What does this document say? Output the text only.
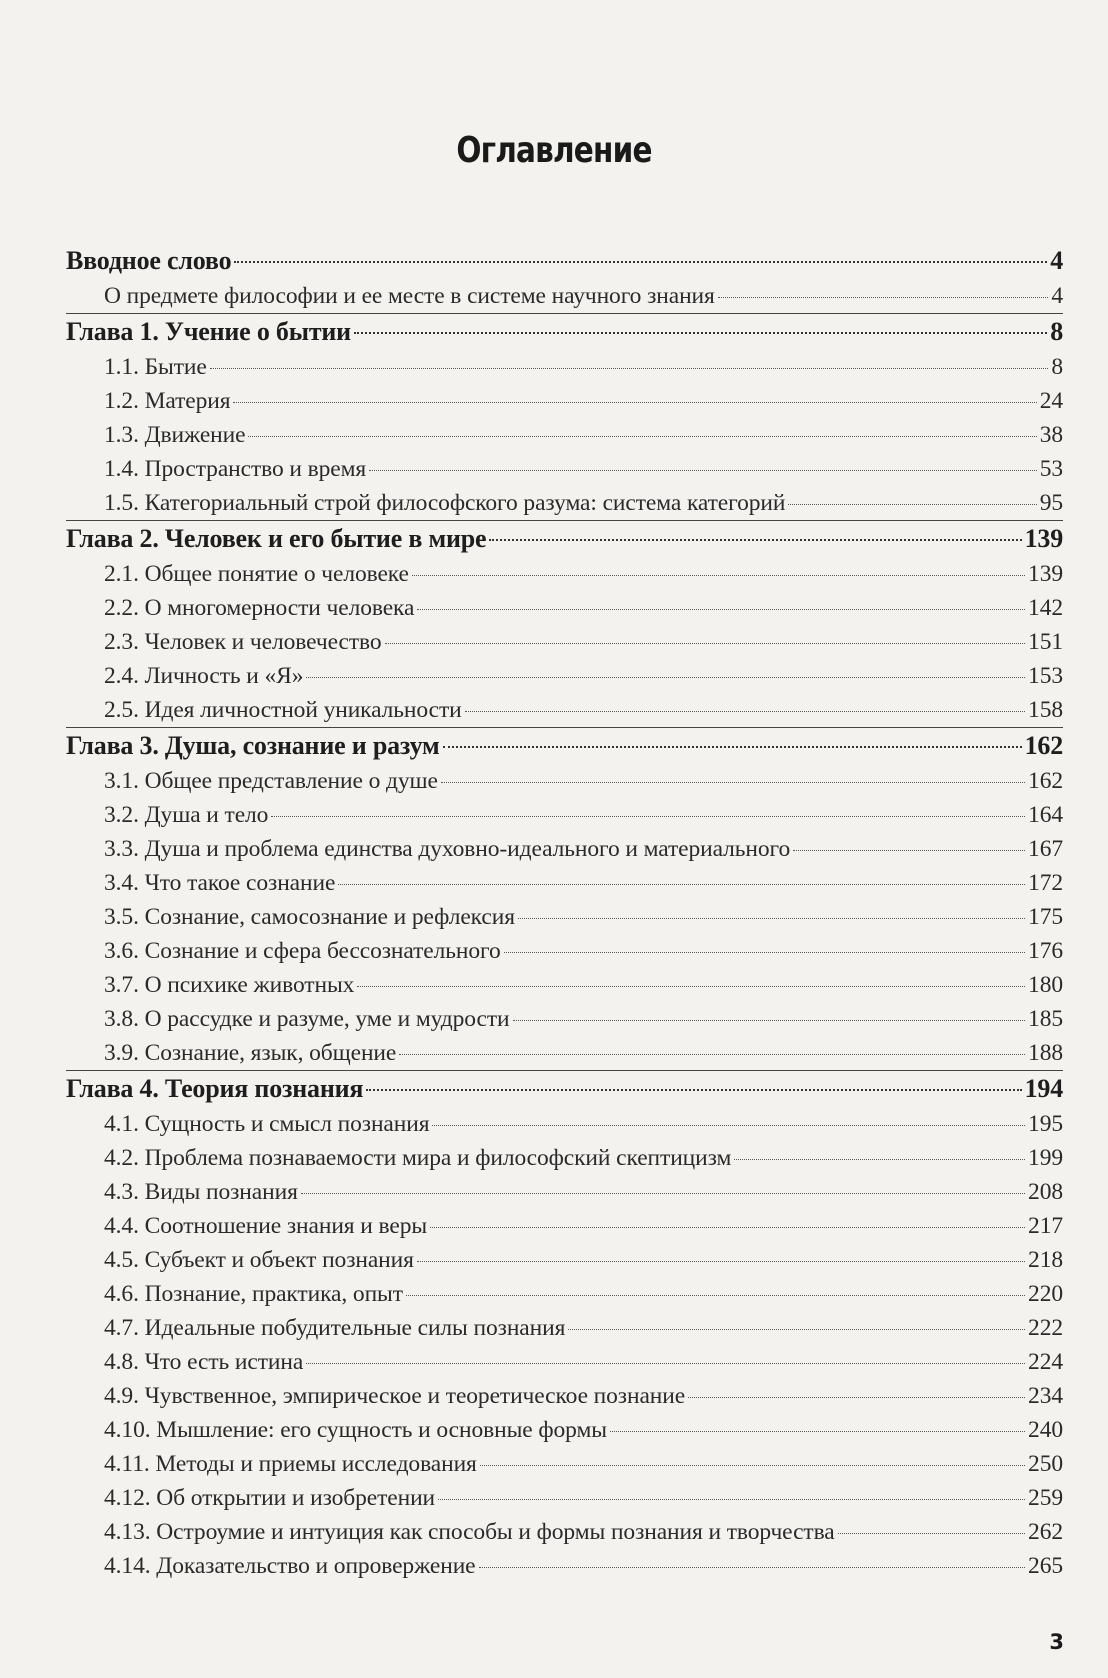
Оглавление
Вводное слово	4
О предмете философии и ее месте в системе научного знания	4
Глава 1. Учение о бытии	8
1.1. Бытие	8
1.2. Материя	24
1.3. Движение	38
1.4. Пространство и время	53
1.5. Категориальный строй философского разума: система категорий	95
Глава 2. Человек и его бытие в мире	139
2.1. Общее понятие о человеке	139
2.2. О многомерности человека	142
2.3. Человек и человечество	151
2.4. Личность и «Я»	153
2.5. Идея личностной уникальности	158
Глава 3. Душа, сознание и разум	162
3.1. Общее представление о душе	162
3.2. Душа и тело	164
3.3. Душа и проблема единства духовно-идеального и материального	167
3.4. Что такое сознание	172
3.5. Сознание, самосознание и рефлексия	175
3.6. Сознание и сфера бессознательного	176
3.7. О психике животных	180
3.8. О рассудке и разуме, уме и мудрости	185
3.9. Сознание, язык, общение	188
Глава 4. Теория познания	194
4.1. Сущность и смысл познания	195
4.2. Проблема познаваемости мира и философский скептицизм	199
4.3. Виды познания	208
4.4. Соотношение знания и веры	217
4.5. Субъект и объект познания	218
4.6. Познание, практика, опыт	220
4.7. Идеальные побудительные силы познания	222
4.8. Что есть истина	224
4.9. Чувственное, эмпирическое и теоретическое познание	234
4.10. Мышление: его сущность и основные формы	240
4.11. Методы и приемы исследования	250
4.12. Об открытии и изобретении	259
4.13. Остроумие и интуиция как способы и формы познания и творчества	262
4.14. Доказательство и опровержение	265
3
